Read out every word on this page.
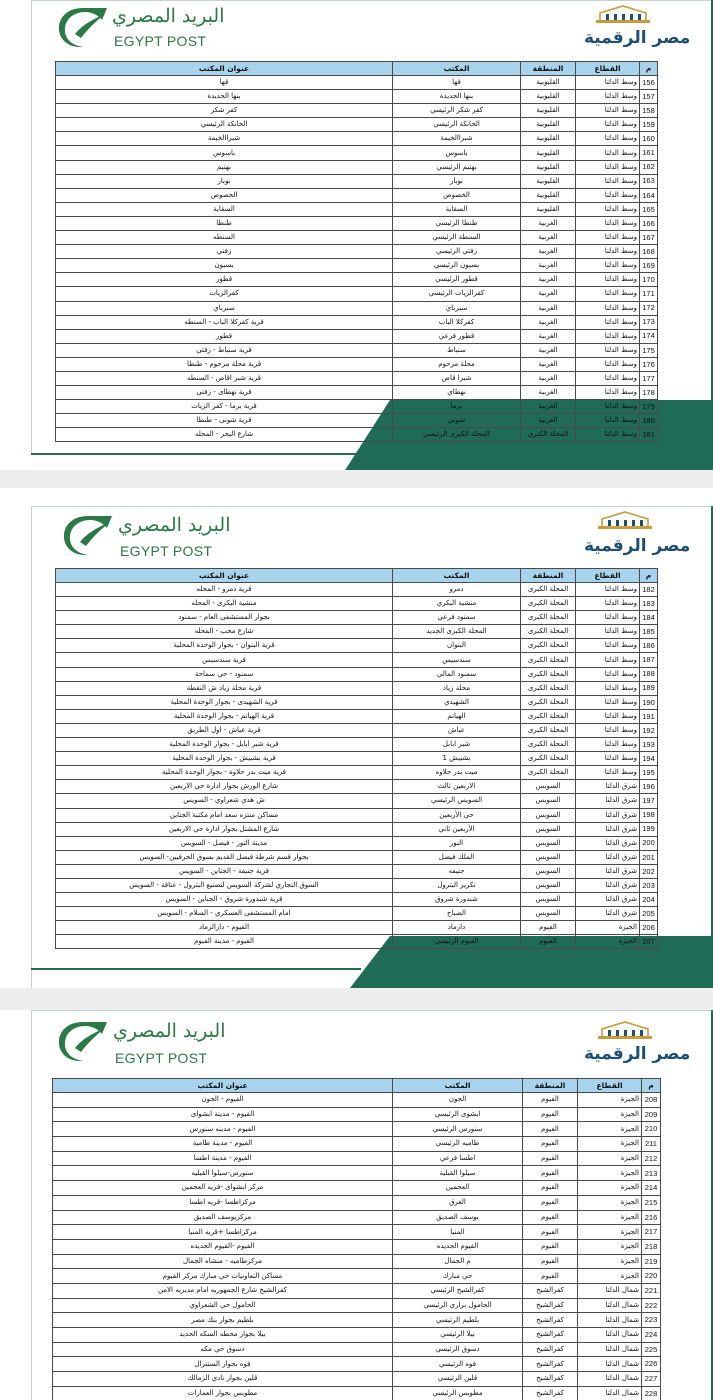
البريد المصري
EGYPT POST	مصر الرقمية
م	القطاع	المنطقة	المكتب	عنوان المكتب
156	وسط الدلتا	القليوبية	قها	قها
157	وسط الدلتا	القليوبية	بنها الجديدة	بنها الجديدة
158	وسط الدلتا	القليوبية	كفر شكر الرئيسي	كفر شكر
159	وسط الدلتا	القليوبية	الخانكة الرئيسي	الخانكة الرئيسي
160	وسط الدلتا	القليوبية	شبراالخيمة	شبراالخيمة
161	وسط الدلتا	القليوبية	باسوس	باسوس
162	وسط الدلتا	القليوبية	بهتيم الرئيسي	بهتيم
163	وسط الدلتا	القليوبية	نوبار	نوبار
164	وسط الدلتا	القليوبية	الخصوص	الخصوص
165	وسط الدلتا	القليوبية	السقاية	السقاية
166	وسط الدلتا	الغربية	طنطا الرئيسي	طنطا
167	وسط الدلتا	الغربية	السنطة الرئيسي	السنطه
168	وسط الدلتا	الغربية	زفتي الرئيسي	زفتي
169	وسط الدلتا	الغربية	بسيون الرئيسي	بسيون
170	وسط الدلتا	الغربية	قطور الرئيسي	قطور
171	وسط الدلتا	الغربية	كفرالزيات الرئيسي	كفرالزيات
172	وسط الدلتا	الغربية	سبرباي	سبرباي
173	وسط الدلتا	الغربية	كفركلا الباب	قرية كفركلا الباب - السنطه
174	وسط الدلتا	الغربية	قطور فرعي	قطور
175	وسط الدلتا	الغربية	سنباط	قرية سنباط - زفتى
176	وسط الدلتا	الغربية	محلة مرحوم	قرية محلة مرحوم - طنطا
177	وسط الدلتا	الغربية	شبرا قاص	قرية شبر اقاص - السنطه
178	وسط الدلتا	الغربية	نهطاي	قرية نهطاى - زفتى
179	وسط الدلتا	الغربية	برما	قرية برما - كفر الزيات
180	وسط الدلتا	الغربية	شوني	قرية شونى - طنطا
181	وسط الدلتا	المحلة الكبرى	المحلة الكبرى الرئيسي	شارع البحر - المحله
البريد المصري
EGYPT POST	مصر الرقمية
م	القطاع	المنطقة	المكتب	عنوان المكتب
182	وسط الدلتا	المحلة الكبرى	دمرو	قرية دمرو - المحله
183	وسط الدلتا	المحلة الكبرى	منشية البكري	منشية البكرى - المحله
184	وسط الدلتا	المحلة الكبرى	سمنود فرعي	بجوار المستشفى العام - سمنود
185	وسط الدلتا	المحلة الكبرى	المحلة الكبرى الجديد	شارع محب - المحله
186	وسط الدلتا	المحلة الكبرى	البنوان	قرية البنوان - بجوار الوحدة المحلية
187	وسط الدلتا	المحلة الكبرى	سندسيس	قرية سندسيس
188	وسط الدلتا	المحلة الكبرى	سمنود المالي	سمنود - حي سماحة
189	وسط الدلتا	المحلة الكبرى	محلة زياد	قرية محلة زياد ش النقطة
190	وسط الدلتا	المحلة الكبرى	الشهيدي	قرية الشهيدى - بجوار الوحدة المحلية
191	وسط الدلتا	المحلة الكبرى	الهياتم	قرية الهياتم - بجوار الوحدة المحلية
192	وسط الدلتا	المحلة الكبرى	عياش	قرية عياش - اول الطريق
193	وسط الدلتا	المحلة الكبرى	شبر ابابل	قرية شبر ابابل - بجوار الوحدة المحلية
194	وسط الدلتا	المحلة الكبرى	بشبيش 1	قرية بشبيش - بجوار الوحدة المحلية
195	وسط الدلتا	المحلة الكبرى	ميت بدر حلاوه	قرية ميت بدر حلاوة - بجوار الوحدة المحلية
196	شرق الدلتا	السويس	الاربعين ثالث	شارع الورش بجوار ادارة حي الاربعين
197	شرق الدلتا	السويس	السويس الرئيسي	ش هدي شعراوي - السويس
198	شرق الدلتا	السويس	حي الأربعين	مساكن منتزه سعد امام مكتبة الجناين
199	شرق الدلتا	السويس	الأربعين ثاني	شارع المشتل بجوار ادارة حي الاربعين
200	شرق الدلتا	السويس	النور	مدينة النور - فيصل - السويس
201	شرق الدلتا	السويس	الملك فيصل	بجوار قسم شرطة فيصل القديم بسوق الحرفيين- السويس
202	شرق الدلتا	السويس	جنيفه	قرية جنيفة - الجناين - السويس
203	شرق الدلتا	السويس	تكرير البترول	السوق التجاري لشركة السويس لتصنيع البترول - عتاقة - السويس
204	شرق الدلتا	السويس	شندورة شروق	قرية شندورة شروق - الجناين - السويس
205	شرق الدلتا	السويس	الصباح	امام المستشفى العسكري - السلام - السويس
206	الجيزة	الفيوم	دارماد	الفيوم - دارالرماد
207	الجيزة	الفيوم	الفيوم الرئيسي	الفيوم - مدينة الفيوم
البريد المصري
EGYPT POST	مصر الرقمية
م	القطاع	المنطقة	المكتب	عنوان المكتب
208	الجيزة	الفيوم	الجون	الفيوم - الجون
209	الجيزة	الفيوم	ابشوى الرئيسي	الفيوم - مدينة ابشواى
210	الجيزة	الفيوم	سنورس الرئيسي	الفيوم - مدينه سنورس
211	الجيزة	الفيوم	طاميه الرئيسي	الفيوم - مدينة طامية
212	الجيزة	الفيوم	اطسا فرعي	الفيوم - مدينة اطسا
213	الجيزة	الفيوم	سيلوا القبلية	سنورس-سيلوا القبليه
214	الجيزة	الفيوم	العجمين	مركز ابشواى -قريه العجمين
215	الجيزة	الفيوم	الغرق	مركزاطسا -قريه اطسا
216	الجيزة	الفيوم	يوسف الصديق	مركزيوسف الصديق
217	الجيزة	الفيوم	المنيا	مركزاطسا +قريه المنيا
218	الجيزة	الفيوم	الفيوم الجديده	الفيوم -الفيوم الجديده
219	الجيزة	الفيوم	م الجمال	مركزطاميه - منشاه الجمال
220	الجيزة	الفيوم	حي مبارك	مساكن التعاونيات حي مبارك مركز الفيوم
221	شمال الدلتا	كفرالشيخ	كفرالشيخ الرئيسي	كفرالشيخ شارع الجمهوريه امام مديريه الامن
222	شمال الدلتا	كفرالشيخ	الحامول براري الرئيسي	الحامول حي الشعراوي
223	شمال الدلتا	كفرالشيخ	بلطيم الرئيسي	بلطيم بجوار بنك مصر
224	شمال الدلتا	كفرالشيخ	بيلا الرئيسي	بيلا بجوار محطه السكه الحديد
225	شمال الدلتا	كفرالشيخ	دسوق الرئيسي	دسوق حي مكه
226	شمال الدلتا	كفرالشيخ	فوه الرئيسي	فوه بجوار السنترال
227	شمال الدلتا	كفرالشيخ	قلين الرئيسي	قلين بجوار نادي الزمالك
228	شمال الدلتا	كفرالشيخ	مطوبس الرئيسي	مطوبس بجوار العمارات
